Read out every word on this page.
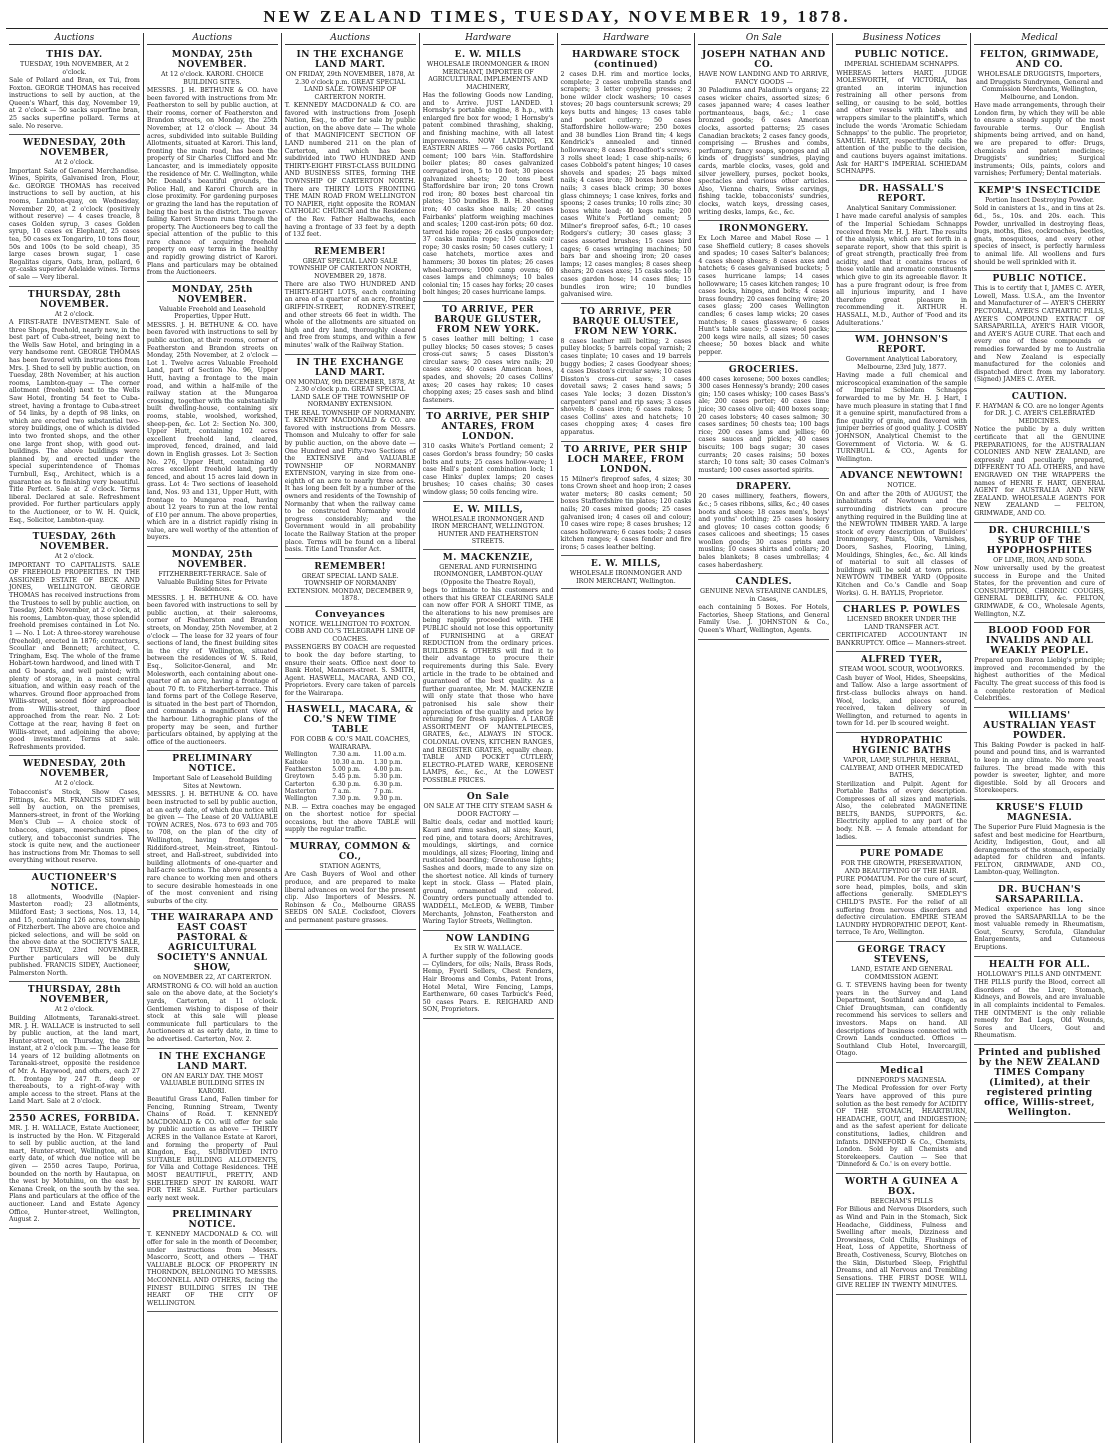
NEW ZEALAND TIMES, TUESDAY, NOVEMBER 19, 1878.
Auctions
THIS DAY.

TUESDAY, 19th NOVEMBER, At 2 o'clock.

Sale of Pollard and Bran, ex Tui, from Foxton. GEORGE THOMAS has received instructions to sell by auction, at the Queen's Wharf, this day, November 19, at 2 o'clock — 50 sacks superfine bran, 25 sacks superfine pollard. Terms at sale. No reserve.

WEDNESDAY, 20th NOVEMBER,

At 2 o'clock.

Important Sale of General Merchandise. Wines, Spirits, Galvanised Iron, Flour, &c. GEORGE THOMAS has received instructions to sell by auction, at his rooms, Lambton-quay, on Wednesday, November 20, at 2 o'clock (positively without reserve) — 4 cases treacle, 8 cases Golden syrup, 3 cases Golden syrup, 10 cases ex Elephant, 25 cases tea, 50 cases ex Tongariro, 10 tons flour, 50s and 100s (to be sold cheap), 35 large cases brown sugar, 1 case Regalitas cigars, Oats, bran, pollard, 6 qr.-casks superior Adelaide wines. Terms of sale — Very liberal.

THURSDAY, 28th NOVEMBER.

At 2 o'clock.

A FIRST-RATE INVESTMENT. Sale of three Shops, freehold, nearly new, in the best part of Cuba-street, being next to the Wells Saw Hotel, and bringing in a very handsome rent. GEORGE THOMAS has been favored with instructions from Mrs. J. Shed to sell by public auction, on Tuesday, 28th November, at his auction rooms, Lambton-quay — The corner allotment (freehold) next to the Wells Saw Hotel, fronting 54 feet to Cuba-street, having a frontage to Cuba-street of 54 links, by a depth of 98 links, on which are erected two substantial two-storey buildings, one of which is divided into two fronted shops, and the other one large front shop, with good out-buildings. The above buildings were planned by, and erected under the special superintendence of Thomas Turnbull, Esq., Architect, which is a guarantee as to finishing very beautiful. Title Perfect. Sale at 2 o'clock. Terms liberal. Declared at sale. Refreshment provided. For further particulars apply to the Auctioneer, or to W. H. Quick, Esq., Solicitor, Lambton-quay.

TUESDAY, 26th NOVEMBER.

At 2 o'clock.

IMPORTANT TO CAPITALISTS. SALE OF FREEHOLD PROPERTIES. IN THE ASSIGNED ESTATE OF BECK AND JONES, WELLINGTON. GEORGE THOMAS has received instructions from the Trustees to sell by public auction, on Tuesday, 26th November, at 2 o'clock, at his rooms, Lambton-quay, those splendid freehold premises contained in Lot No. 1 — No. 1 Lot: A three-storey warehouse (freehold), erected in 1876; contractors, Scoullar and Bennett; architect, C. Tringham, Esq. The whole of the frame Hobart-town hardwood, and lined with T and G boards, and well painted; with plenty of storage, in a most central situation, and within easy reach of the wharves. Ground floor approached from Willis-street, second floor approached from Willis-street, third floor approached from the rear. No. 2 Lot: Cottage at the rear, having 8 feet on Willis-street, and adjoining the above; good investment. Terms at sale. Refreshments provided.

WEDNESDAY, 20th NOVEMBER,

At 2 o'clock.

Tobacconist's Stock, Show Cases, Fittings, &c. MR. FRANCIS SIDEY will sell by auction, on the premises, Manners-street, in front of the Working Men's Club — A choice stock of tobaccos, cigars, meerschaum pipes, cutlery, and tobacconist sundries. The stock is quite new, and the auctioneer has instructions from Mr. Thomas to sell everything without reserve.

AUCTIONEER'S NOTICE.

18 allotments, Woodville (Napier-Masterton road); 23 allotments, Mildford East; 3 sections, Nos. 13, 14, and 15, containing 126 acres, township of Fitzherbert. The above are choice and picked selections, and will be sold on the above date at the SOCIETY'S SALE, ON TUESDAY, 23rd NOVEMBER. Further particulars will be duly published. FRANCIS SIDEY, Auctioneer, Palmerston North.

THURSDAY, 28th NOVEMBER,

At 2 o'clock.

Building Allotments, Taranaki-street. MR. J. H. WALLACE is instructed to sell by public auction, at the land mart, Hunter-street, on Thursday, the 28th instant, at 2 o'clock p.m. — The lease for 14 years of 12 building allotments on Taranaki-street, opposite the residence of Mr. A. Haywood, and others, each 27 ft. frontage by 247 ft. deep or thereabouts, to a right-of-way with ample access to the street. Plans at the Land Mart. Sale at 2 o'clock.

2550 ACRES, FORBIDA.

MR. J. H. WALLACE, Estate Auctioneer, is instructed by the Hon. W. Fitzgerald to sell by public auction, at the land mart, Hunter-street, Wellington, at an early date, of which due notice will be given — 2550 acres Taupo, Porirua, bounded on the north by Hautapua, on the west by Motuhinu, on the east by Kenana Creek, on the south by the sea. Plans and particulars at the office of the auctioneer. Land and Estate Agency Office, Hunter-street, Wellington, August 2.

Auctions
MONDAY, 25th NOVEMBER.

At 12 o'clock. KARORI. CHOICE BUILDING SITES.

MESSRS. J. H. BETHUNE & CO. have been favored with instructions from Mr. Featherston to sell by public auction, at their rooms, corner of Featherston and Brandon streets, on Monday, the 25th November, at 12 o'clock — About 34 acres, subdivided into suitable Building Allotments, situated at Karori. This land, fronting the main road, has been the property of Sir Charles Clifford and Mr. Lancaster, and is immediately opposite the residence of Mr. C. Wellington, while Mr. Donald's beautiful grounds, the Police Hall, and Karori Church are in close proximity. For gardening purposes or grazing the land has the reputation of being the best in the district. The never-failing Karori Stream runs through the property. The Auctioneers beg to call the special attention of the public to this rare chance of acquiring freehold property on easy terms in the healthy and rapidly growing district of Karori. Plans and particulars may be obtained from the Auctioneers.

MONDAY, 25th NOVEMBER.

Valuable Freehold and Leasehold Properties, Upper Hutt.

MESSRS. J. H. BETHUNE & CO. have been favored with instructions to sell by public auction, at their rooms, corner of Featherston and Brandon streets on Monday, 25th November, at 2 o'clock — Lot 1. Twelve acres Valuable Freehold Land, part of Section No. 96, Upper Hutt, having a frontage to the main road, and within a half-mile of the railway station at the Mungaroa crossing, together with the substantially built dwelling-house, containing six rooms, stable, woolshed, workshed, sheep-pen, &c. Lot 2: Section No. 300, Upper Hutt, containing 102 acres excellent freehold land, cleared, improved, fenced, drained, and laid down in English grasses. Lot 3: Section No. 276, Upper Hutt, containing 40 acres excellent freehold land, partly fenced, and about 15 acres laid down in grass. Lot 4: Two sections of leasehold land, Nos. 93 and 131, Upper Hutt, with frontage to Mungaroa road, having about 12 years to run at the low rental of £10 per annum. The above properties, which are in a district rapidly rising in value, are well worthy of the attention of buyers.

MONDAY, 25th NOVEMBER.

FITZHERBERT-TERRACE. Sale of Valuable Building Sites for Private Residences.

MESSRS. J. H. BETHUNE & CO. have been favored with instructions to sell by public auction, at their salerooms, corner of Featherston and Brandon streets, on Monday, 25th November, at 2 o'clock — The lease for 32 years of four sections of land, the finest building sites in the city of Wellington, situated between the residences of W. S. Reid, Esq., Solicitor-General, and Mr. Molesworth, each containing about one-quarter of an acre, having a frontage of about 70 ft. to Fitzherbert-terrace. This land forms part of the College Reserve, is situated in the best part of Thorndon, and commands a magnificent view of the harbour. Lithographic plans of the property may be seen, and further particulars obtained, by applying at the office of the auctioneers.

PRELIMINARY NOTICE.

Important Sale of Leasehold Building Sites at Newtown.

MESSRS. J. H. BETHUNE & CO. have been instructed to sell by public auction, at an early date, of which due notice will be given — The Lease of 20 VALUABLE TOWN ACRES, Nos. 673 to 693 and 705 to 708, on the plan of the city of Wellington, having frontages to Riddiford-street, Mein-street, Rintoul-street, and Hall-street, subdivided into building allotments of one-quarter and half-acre sections. The above presents a rare chance to working men and others to secure desirable homesteads in one of the most convenient and rising suburbs of the city.

THE WAIRARAPA AND EAST COAST PASTORAL & AGRICULTURAL SOCIETY'S ANNUAL SHOW,

on NOVEMBER 22, AT CARTERTON.

ARMSTRONG & CO. will hold an auction sale on the above date, at the Society's yards, Carterton, at 11 o'clock. Gentlemen wishing to dispose of their stock at this sale will please communicate full particulars to the Auctioneers at as early date, in time to be advertised. Carterton, Nov. 2.

IN THE EXCHANGE LAND MART.

ON AN EARLY DAY. THE MOST VALUABLE BUILDING SITES IN KARORI.

Beautiful Grass Land, Fallen timber for Fencing, Running Stream, Twenty Chains of Road. T. KENNEDY MACDONALD & CO. will offer for sale by public auction as above — THIRTY ACRES in the Vallance Estate at Karori, and forming the property of Paul Kingdon, Esq., SUBDIVIDED INTO SUITABLE BUILDING ALLOTMENTS, for Villa and Cottage Residences. THE MOST BEAUTIFUL, PRETTY, AND SHELTERED SPOT IN KARORI. WAIT FOR THE SALE. Further particulars early next week.

PRELIMINARY NOTICE.

T. KENNEDY MACDONALD & CO. will offer for sale in the month of December, under instructions from Messrs. Mascorro, Scott, and others — THAT VALUABLE BLOCK OF PROPERTY IN THORNDON, BELONGING TO MESSRS. McCONNELL AND OTHERS, facing the FINEST BUILDING SITES IN THE HEART OF THE CITY OF WELLINGTON.

Auctions
IN THE EXCHANGE LAND MART.

ON FRIDAY, 29th NOVEMBER, 1878, At 2.30 o'clock p.m. GREAT SPECIAL LAND SALE. TOWNSHIP OF CARTERTON NORTH.

T. KENNEDY MACDONALD & CO. are favored with instructions from Joseph Nation, Esq., to offer for sale by public auction, on the above date — The whole of that MAGNIFICENT SECTION OF LAND numbered 211 on the plan of Carterton, and which has been subdivided into TWO HUNDRED AND THIRTY-EIGHT FIRST-CLASS BUILDING AND BUSINESS SITES, forming THE TOWNSHIP OF CARTERTON NORTH. There are THIRTY LOTS FRONTING THE MAIN ROAD FROM WELLINGTON TO NAPIER, right opposite the ROMAN CATHOLIC CHURCH and the Residence of the Rev. Father Halbwachs, each having a frontage of 33 feet by a depth of 132 feet.

REMEMBER!

GREAT SPECIAL LAND SALE TOWNSHIP OF CARTERTON NORTH, NOVEMBER 29, 1878.

There are also TWO HUNDRED AND THIRTY-EIGHT LOTS, each containing an area of a quarter of an acre, fronting GRIFFIN-STREET, RODNEY-STREET, and other streets 66 feet in width. The whole of the allotments are situated on high and dry land, thoroughly cleared and free from stumps, and within a few minutes' walk of the Railway Station.

IN THE EXCHANGE LAND MART.

ON MONDAY, 9th DECEMBER, 1878, At 2.30 o'clock p.m. GREAT SPECIAL LAND SALE OF THE TOWNSHIP OF NORMANBY EXTENSION.

THE REAL TOWNSHIP OF NORMANBY. T. KENNEDY MACDONALD & CO. are favored with instructions from Messrs. Thomson and Mulcahy to offer for sale by public auction, on the above date — One Hundred and Fifty-two Sections of the EXTENSIVE and VALUABLE TOWNSHIP OF NORMANBY EXTENSION, varying in size from one-eighth of an acre to nearly three acres. It has long been felt by a number of the owners and residents of the Township of Normanby that when the railway came to be constructed Normanby would progress considerably; and the Government would in all probability locate the Railway Station at the proper place. Terms will be found on a liberal basis. Title Land Transfer Act.

REMEMBER!

GREAT SPECIAL LAND SALE. TOWNSHIP OF NORMANBY EXTENSION. MONDAY, DECEMBER 9, 1878.

Conveyances

NOTICE. WELLINGTON TO FOXTON. COBB AND CO.'S TELEGRAPH LINE OF COACHES.

PASSENGERS BY COACH are requested to book the day before starting, to ensure their seats. Office next door to Bank Hotel, Manners-street. S. SMITH, Agent. HASWELL, MACARA, AND CO., Proprietors. Every care taken of parcels for the Wairarapa.

HASWELL, MACARA, & CO.'S NEW TIME TABLE

FOR COBB & CO.'S MAIL COACHES, WAIRARAPA.

Wellington	7.30 a.m.	11.00 a.m.
Kaitoke	10.30 a.m.	1.30 p.m.
Featherston	5.00 p.m.	4.00 p.m.
Greytown	5.45 p.m.	5.30 p.m.
Carterton	6.30 p.m.	6.30 p.m.
Masterton	7 a.m.	7 p.m.
Wellington	7.30 p.m.	9.30 p.m.

N.B. — Extra coaches may be engaged on the shortest notice for special occasions, but the above TABLE will supply the regular traffic.

MURRAY, COMMON & CO.,

STATION AGENTS,

Are Cash Buyers of Wool and other produce, and are prepared to make liberal advances on wool for the present clip. Also Importers of Messrs. N. Robinson & Co., Melbourne GRASS SEEDS ON SALE. Cocksfoot, Clovers and permanent pasture grasses.

Hardware
E. W. MILLS

WHOLESALE IRONMONGER & IRON MERCHANT, IMPORTER OF AGRICULTURAL IMPLEMENTS AND MACHINERY,

Has the following Goods now Landing, and to Arrive. JUST LANDED. 1 Hornsby's portable engine, 8 h.p., with enlarged fire box for wood; 1 Hornsby's patent combined thrashing, shaking, and finishing machine, with all latest improvements. NOW LANDING, EX EASTERN ARIES — 766 casks Portland cement; 100 bars ½in. Staffordshire boiler plates; 80 cases galvanized corrugated iron, 5 to 10 feet; 30 pieces galvanized sheets; 20 tons best Staffordshire bar iron; 20 tons Crown rod iron; 80 boxes best charcoal tin plates; 150 bundles B. B. H. sheeting iron; 40 casks shoe nails; 20 cases Fairbanks' platform weighing machines and scales; 1200 cast-iron pots; 60 doz. tarred hide ropes; 26 casks gunpowder; 37 casks manila rope; 150 casks coir rope; 30 casks rosin; 50 cases cutlery; 1 case hatchets, mortice axes and hammers; 30 boxes tin plates; 26 cases wheel-barrows; 1000 camp ovens; 60 cases lamps and chimneys; 10 bales colonial tin; 15 cases hay forks; 20 cases bolt hinges; 20 cases hurricane lamps.

TO ARRIVE, PER BARQUE GLUSTER, FROM NEW YORK.

5 cases leather mill belting; 1 case pulley blocks; 50 cases stoves; 5 cases cross-cut saws; 5 cases Disston's circular saws; 20 cases wire nails; 20 cases axes; 40 cases American hoes, spades, and shovels; 20 cases Collins' axes; 20 cases hay rakes; 10 cases chopping axes; 25 cases sash and blind fasteners.

TO ARRIVE, PER SHIP ANTARES, FROM LONDON.

310 casks White's Portland cement; 2 cases Gordon's brass foundry; 50 casks bolts and nuts; 25 cases hollow-ware; 1 case Hall's patent combination lock; 1 case Hinks' duplex lamps; 20 cases brushes; 10 cases chains; 30 cases window glass; 50 coils fencing wire.

E. W. MILLS,

WHOLESALE IRONMONGER AND IRON MERCHANT, WELLINGTON. HUNTER AND FEATHERSTON STREETS.

M. MACKENZIE,

GENERAL AND FURNISHING IRONMONGER, LAMBTON-QUAY (Opposite the Theatre Royal),

begs to intimate to his customers and others that his GREAT CLEARING SALE can now offer FOR A SHORT TIME, as the alterations to his new premises are being rapidly proceeded with. THE PUBLIC should not lose this opportunity of FURNISHING at a GREAT REDUCTION from the ordinary prices. BUILDERS & OTHERS will find it to their advantage to procure their requirements during this Sale. Every article in the trade to be obtained and guaranteed of the best quality. As a further guarantee, Mr. M. MACKENZIE will only state that those who have patronised his sale show their appreciation of the quality and price by returning for fresh supplies. A LARGE ASSORTMENT OF MANTELPIECES, GRATES, &c., ALWAYS IN STOCK. COLONIAL OVENS, KITCHEN RANGES, and REGISTER GRATES, equally cheap. TABLE AND POCKET CUTLERY, ELECTRO-PLATED WARE, KEROSENE LAMPS, &c., &c., At the LOWEST POSSIBLE PRICES.

On Sale

ON SALE AT THE CITY STEAM SASH & DOOR FACTORY —

Baltic deals, cedar and mottled kauri; Kauri and rimu sashes, all sizes; Kauri, red pine, and totara doors; Architraves, mouldings, skirtings, and cornice mouldings, all sizes; Flooring, lining and rusticated boarding; Greenhouse lights; Sashes and doors, made to any size on the shortest notice. All kinds of turnery kept in stock. Glass — Plated plain, ground, ornamented and colored. Country orders punctually attended to. WADDELL, McLEOD, & WEBB, Timber Merchants, Johnston, Featherston and Waring Taylor Streets, Wellington.

NOW LANDING

Ex SIR W. WALLACE.

A further supply of the following goods — Cylinders, for oils; Nails, Brass Rods, Hemp, Fyeril Sellers, Chest Fenders, Hair Brooms and Combs, Patent Irons, Hotel Metal, Wire Fencing, Lamps, Earthenware, 60 cases Tarbuck's Feed, 50 cases Pears. E. REIGHARD AND SON, Proprietors.

Hardware
HARDWARE STOCK (continued)

2 cases D.H. rim and mortice locks, complete; 2 cases umbrella stands and scrapers; 3 letter copying presses; 2 bone wilder clock washers; 10 cases stoves; 20 bags countersunk screws; 29 keys butts and hinges; 13 cases table and pocket cutlery; 50 cases Staffordshire hollow-ware; 250 boxes and 38 bundles Lion Brand tin; 4 kegs Kendrick's annealed and tinned hollowware; 8 cases Broadfoot's screws; 3 rolls sheet lead; 1 case ship-nails; 6 cases Cobbold's patent hinges; 10 cases shovels and spades; 25 bags mixed nails; 4 cases iron; 30 boxes horse shoe nails; 3 cases black crimp; 30 boxes glass chimneys; 1 case knives, forks and spoons; 2 cases trunks; 10 rolls zinc; 30 boxes white lead; 40 kegs nails; 200 cases White's Portland cement; 5 Milner's fireproof safes, 6-ft.; 10 cases Rodgers's cutlery; 30 cases glass; 3 cases assorted brushes; 15 cases bird cages; 6 cases wringing machines; 50 bars bar and shoeing iron; 20 cases lamps; 12 cases mangles; 8 cases sheep shears; 20 cases axes; 15 casks soda; 10 cases garden hose; 14 cases files; 15 bundles iron wire; 10 bundles galvanised wire.

TO ARRIVE, PER BARQUE OLUSTEE, FROM NEW YORK.

8 cases leather mill belting; 2 cases pulley blocks; 5 barrels copal varnish; 2 cases tinplate; 10 cases and 19 barrels buggy bodies; 2 cases Goodyear shoes; 4 cases Disston's circular saws; 10 cases Disston's cross-cut saws; 3 cases dovetail saws; 2 cases hand saws; 5 cases Yale locks; 3 dozen Disston's carpenters' panel and rip saws; 3 cases shovels; 8 cases iron; 6 cases rakes; 5 cases Collins' axes and hatchets; 10 cases chopping axes; 4 cases fire apparatus.

TO ARRIVE, PER SHIP LOCH MAREE, FROM LONDON.

15 Milner's fireproof safes, 4 sizes; 30 tons Crown sheet and hoop iron; 2 cases water meters; 80 casks cement; 50 boxes Staffordshire tin plates; 120 casks nails; 20 cases mixed goods; 25 cases galvanised iron; 4 cases oil and colour; 10 cases wire rope; 8 cases brushes; 12 cases hollowware; 6 cases tools; 2 cases kitchen ranges; 4 cases fender and fire irons; 5 cases leather belting.

E. W. MILLS,

WHOLESALE IRONMONGER AND IRON MERCHANT, Wellington.

On Sale
JOSEPH NATHAN AND CO.

HAVE NOW LANDING AND TO ARRIVE, FANCY GOODS —

30 Paladiums and Paladium's organs; 22 cases wicker chairs, assorted sizes; 6 cases japanned ware; 4 cases leather portmanteaus, bags, &c.; 1 case bronzed goods; 6 cases American clocks, assorted patterns; 25 cases Canadian brackets; 2 cases fancy goods, comprising — Brushes and combs, perfumery, fancy soaps, sponges and all kinds of druggists' sundries, playing cards, marble clocks, vases, gold and silver jewellery, purses, pocket books, spectacles and various other articles. Also, Vienna chairs, Swiss carvings, fishing tackle, tobacconists' sundries, clocks, watch keys, dressing cases, writing desks, lamps, &c., &c.

IRONMONGERY.

Ex Loch Maree and Mabel Rose — 1 case Sheffield cutlery; 8 cases shovels and spades; 10 cases Salter's balances; 4 cases sheep shears; 8 cases axes and hatchets; 6 cases galvanised buckets; 5 cases hurricane lamps; 14 cases hollowware; 15 cases kitchen ranges; 10 cases locks, hinges, and bolts; 4 cases brass foundry; 20 cases fencing wire; 20 cases glass; 200 cases Wellington candles; 6 cases lamp wicks; 20 cases matches; 8 cases glassware; 6 cases Hunt's table sauce; 5 cases wool packs; 200 kegs wire nails, all sizes; 50 cases cheese; 50 boxes black and white pepper.

GROCERIES.

400 cases kerosene; 500 boxes candles; 300 cases Hennessy's brandy; 200 cases gin; 150 cases whisky; 100 cases Bass's ale; 200 cases porter; 40 cases lime juice; 30 cases olive oil; 400 boxes soap; 20 cases lobsters; 40 cases salmon; 30 cases sardines; 50 chests tea; 100 bags rice; 200 cases jams and jellies; 60 cases sauces and pickles; 40 cases biscuits; 100 bags sugar; 30 cases currants; 20 cases raisins; 50 boxes starch; 10 tons salt; 30 cases Colman's mustard; 100 cases assorted spirits.

DRAPERY.

20 cases millinery, feathers, flowers, &c.; 5 cases ribbons, silks, &c.; 40 cases boots and shoes; 18 cases men's, boys' and youths' clothing; 25 cases hosiery and gloves; 10 cases cotton goods; 6 cases calicoes and sheetings; 15 cases woollen goods; 30 cases prints and muslins; 10 cases shirts and collars; 20 bales blankets; 8 cases umbrellas; 4 cases haberdashery.

CANDLES.

GENUINE NEVA STEARINE CANDLES, in Cases,

each containing 5 Boxes. For Hotels, Factories, Sheep Stations, and General Family Use. J. JOHNSTON & Co., Queen's Wharf, Wellington, Agents.

Business Notices
PUBLIC NOTICE.

IMPERIAL SCHIEDAM SCHNAPPS.

WHEREAS letters HART, JUDGE MOLESWORTH, of VICTORIA, has granted an interim injunction restraining all other persons from selling, or causing to be sold, bottles and other vessels with labels and wrappers similar to the plaintiff's, which include the words 'Aromatic Schiedam Schnapps' to the public. The proprietor, SAMUEL HART, respectfully calls the attention of the public to the decision, and cautions buyers against imitations. Ask for HART'S IMPERIAL SCHIEDAM SCHNAPPS.

DR. HASSALL'S REPORT.

Analytical Sanitary Commissioner.

I have made careful analysis of samples of the Imperial Schiedam Schnapps received from Mr. H. J. Hart. The results of the analysis, which are set forth in a separate report, show that this spirit is of great strength, practically free from acidity, and that it contains traces of those volatile and aromatic constituents which give to gin its agreeable flavor. It has a pure fragrant odour, is free from all injurious impurity, and I have therefore great pleasure in recommending it. ARTHUR H. HASSALL, M.D., Author of 'Food and its Adulterations.'

WM. JOHNSON'S REPORT.

Government Analytical Laboratory, Melbourne, 23rd July, 1877.

Having made a full chemical and microscopical examination of the sample of Imperial Schiedam Schnapps forwarded to me by Mr. H. J. Hart, I have much pleasure in stating that I find it a genuine spirit, manufactured from a fine quality of grain, and flavored with juniper berries of good quality. J. COSBY JOHNSON, Analytical Chemist to the Government of Victoria. W. & G. TURNBULL & CO., Agents for Wellington.

ADVANCE NEWTOWN!

NOTICE.

On and after the 20th of AUGUST, the inhabitants of Newtown and the surrounding districts can procure anything required in the Building line at the NEWTOWN TIMBER YARD. A large stock of every description of Builders' Ironmongery, Paints, Oils, Varnishes, Doors, Sashes, Flooring, Lining, Mouldings, Shingles, &c., &c. All kinds of material to suit all classes of buildings will be sold at town prices. NEWTOWN TIMBER YARD (Opposite Kitchen and Co.'s Candle and Soap Works). G. H. BAYLIS, Proprietor.

CHARLES P. POWLES

LICENSED BROKER UNDER THE LAND TRANSFER ACT.

CERTIFICATED ACCOUNTANT IN BANKRUPTCY. Office — Manners-street.

ALFRED TYER,

STEAM WOOL SCOUR, WOOLWORKS.

Cash buyer of Wool, Hides, Sheepskins, and Tallow. Also a large assortment of first-class bullocks always on hand. Wool, locks, and pieces scoured, received, taken delivery of in Wellington, and returned to agents in town for 1d. per lb scoured weight.

HYDROPATHIC HYGIENIC BATHS

VAPOR, LAMP, SULPHUR, HERBAL, CALYBEAT, AND OTHER MEDICATED BATHS,

Sterilization and Pulpit. Agent for Portable Baths of every description. Compresses of all sizes and materials. Also, the celebrated MAGNETINE BELTS, BANDS, SUPPORTS, &c. Electricity applied to any part of the body. N.B. — A female attendant for ladies.

PURE POMADE

FOR THE GROWTH, PRESERVATION, AND BEAUTIFYING OF THE HAIR.

PURE POMATUM. For the cure of scurf, sore head, pimples, boils, and skin affections generally. SMEDLEY'S CHILD'S PASTE. For the relief of all suffering from nervous disorders and defective circulation. EMPIRE STEAM LAUNDRY HYDROPATHIC DEPOT, Kent-terrace, Te Aro, Wellington.

GEORGE TRACY STEVENS,

LAND, ESTATE AND GENERAL COMMISSION AGENT.

G. T. STEVENS having been for twenty years in the Survey and Land Department, Southland and Otago, as Chief Draughtsman, can confidently recommend his services to sellers and investors. Maps on hand. All descriptions of business connected with Crown Lands conducted. Offices — Southland Club Hotel, Invercargill, Otago.

Medical

DINNEFORD'S MAGNESIA.

The Medical Profession for over Forty Years have approved of this pure solution as the best remedy for ACIDITY OF THE STOMACH, HEARTBURN, HEADACHE, GOUT, and INDIGESTION; and as the safest aperient for delicate constitutions, ladies, children and infants. DINNEFORD & Co., Chemists, London. Sold by all Chemists and Storekeepers. Caution — See that 'Dinneford & Co.' is on every bottle.

WORTH A GUINEA A BOX.

BEECHAM'S PILLS

For Bilious and Nervous Disorders, such as Wind and Pain in the Stomach, Sick Headache, Giddiness, Fulness and Swelling after meals, Dizziness and Drowsiness, Cold Chills, Flushings of Heat, Loss of Appetite, Shortness of Breath, Costiveness, Scurvy, Blotches on the Skin, Disturbed Sleep, Frightful Dreams, and all Nervous and Trembling Sensations. THE FIRST DOSE WILL GIVE RELIEF IN TWENTY MINUTES.

Medical
FELTON, GRIMWADE, AND CO.

WHOLESALE DRUGGISTS, Importers, and Druggists Sundrymen, General and Commission Merchants, Wellington, Melbourne, and London.

Have made arrangements, through their London firm, by which they will be able to ensure a steady supply of the most favourable terms. Our English shipments being arrived, and on hand, we are prepared to offer: Drugs, chemicals and patent medicines; Druggists' sundries; Surgical instruments; Oils, paints, colors and varnishes; Perfumery; Dental materials.

KEMP'S INSECTICIDE

Portion Insect Destroying Powder.

Sold in canisters at 1s., and in tins at 2s. 6d., 5s., 10s. and 20s. each. This Powder, unrivalled in destroying fleas, bugs, moths, flies, cockroaches, beetles, gnats, mosquitoes, and every other species of insect, is perfectly harmless to animal life. All woollens and furs should be well sprinkled with it.

PUBLIC NOTICE.

This is to certify that I, JAMES C. AYER, Lowell, Mass. U.S.A., am the Inventor and Manufacturer of — AYER'S CHERRY PECTORAL, AYER'S CATHARTIC PILLS, AYER'S COMPOUND EXTRACT OF SARSAPARILLA, AYER'S HAIR VIGOR, and AYER'S AGUE CURE. That each and every one of these compounds or remedies forwarded by me to Australia and New Zealand is especially manufactured for the colonies and dispatched direct from my laboratory. (Signed) JAMES C. AYER.

CAUTION.

F. HAYMAN & CO. are no longer Agents for DR. J. C. AYER'S CELEBRATED MEDICINES.

Notice the public by a duly written certificate that all the GENUINE PREPARATIONS, for the AUSTRALIAN COLONIES AND NEW ZEALAND, are expressly and peculiarly prepared, DIFFERENT TO ALL OTHERS, and have ENGRAVED ON THE WRAPPERS the names of HENRI F. HART, GENERAL AGENT for AUSTRALIA AND NEW ZEALAND. WHOLESALE AGENTS FOR NEW ZEALAND — FELTON, GRIMWADE, AND CO.

DR. CHURCHILL'S SYRUP OF THE HYPOPHOSPHITES

OF LIME, IRON, AND SODA.

Now universally used by the greatest success in Europe and the United States, for the prevention and cure of CONSUMPTION, CHRONIC COUGHS, GENERAL DEBILITY, &c. FELTON, GRIMWADE, & CO., Wholesale Agents, Wellington, N.Z.

BLOOD FOOD FOR INVALIDS AND ALL WEAKLY PEOPLE.

Prepared upon Baron Liebig's principle; improved and recommended by the highest authorities of the Medical Faculty. The great success of this food is a complete restoration of Medical Celebrities.

WILLIAMS' AUSTRALIAN YEAST POWDER.

This Baking Powder is packed in half-pound and pound tins, and is warranted to keep in any climate. No more yeast failures. The bread made with this powder is sweeter, lighter, and more digestible. Sold by all Grocers and Storekeepers.

KRUSE'S FLUID MAGNESIA.

The Superior Pure Fluid Magnesia is the safest and best medicine for Heartburn, Acidity, Indigestion, Gout, and all derangements of the stomach, especially adapted for children and infants. FELTON, GRIMWADE, AND CO., Lambton-quay, Wellington.

DR. BUCHAN'S SARSAPARILLA.

Medical experience has long since proved the SARSAPARILLA to be the most valuable remedy in Rheumatism, Gout, Scurvy, Scrofula, Glandular Enlargements, and Cutaneous Eruptions.

HEALTH FOR ALL.

HOLLOWAY'S PILLS AND OINTMENT.

THE PILLS purify the Blood, correct all disorders of the Liver, Stomach, Kidneys, and Bowels, and are invaluable in all complaints incidental to Females. THE OINTMENT is the only reliable remedy for Bad Legs, Old Wounds, Sores and Ulcers, Gout and Rheumatism.

Printed and published by the NEW ZEALAND TIMES Company (Limited), at their registered printing office, Willis-street, Wellington.
